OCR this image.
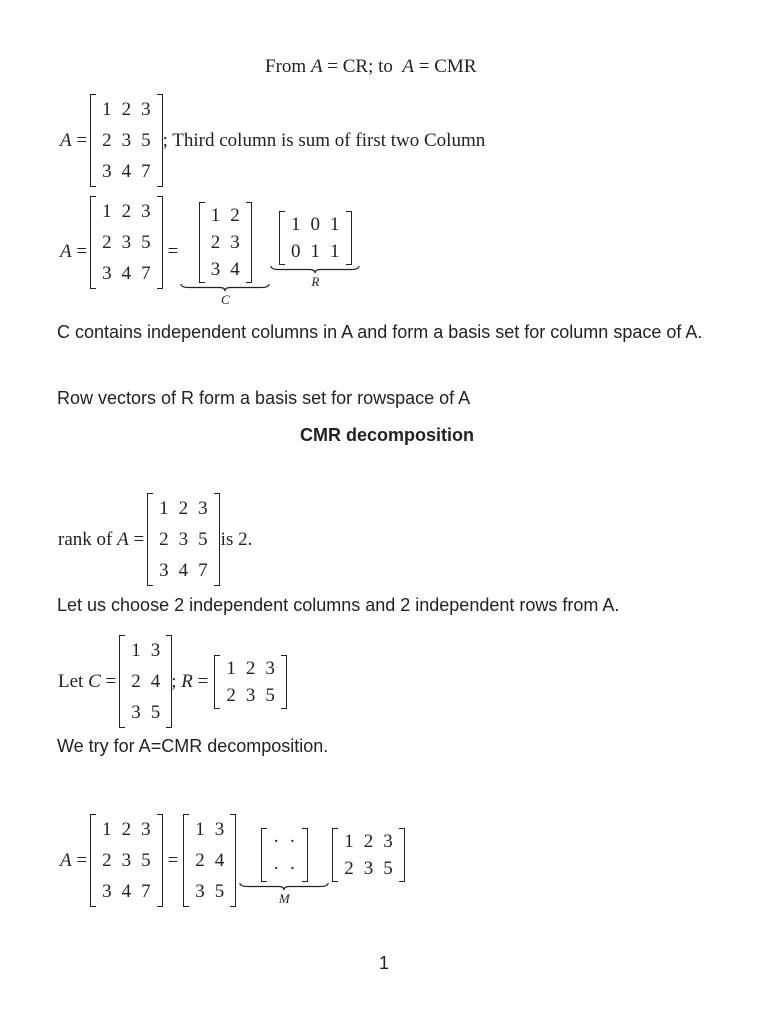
From
A
= CR; to
A
= CMR
A
=
1	2	3
2	3	5
3	4	7
; Third column is sum of first two Column
A
=
1	2	3
2	3	5
3	4	7
=
1	2
2	3
3	4
C
1	0	1
0	1	1
R
C contains independent columns in A and form a basis set for column space of A.
Row vectors of R form a basis set for rowspace of A
CMR decomposition
rank of
A
=
1	2	3
2	3	5
3	4	7
is 2.
Let us choose 2 independent columns and 2 independent rows from A.
Let
C
=
1	3
2	4
3	5
;
R
=
1	2	3
2	3	5
We try for A=CMR decomposition.
A
=
1	2	3
2	3	5
3	4	7
=
1	3
2	4
3	5
·	·
·	·
M
1	2	3
2	3	5
1
